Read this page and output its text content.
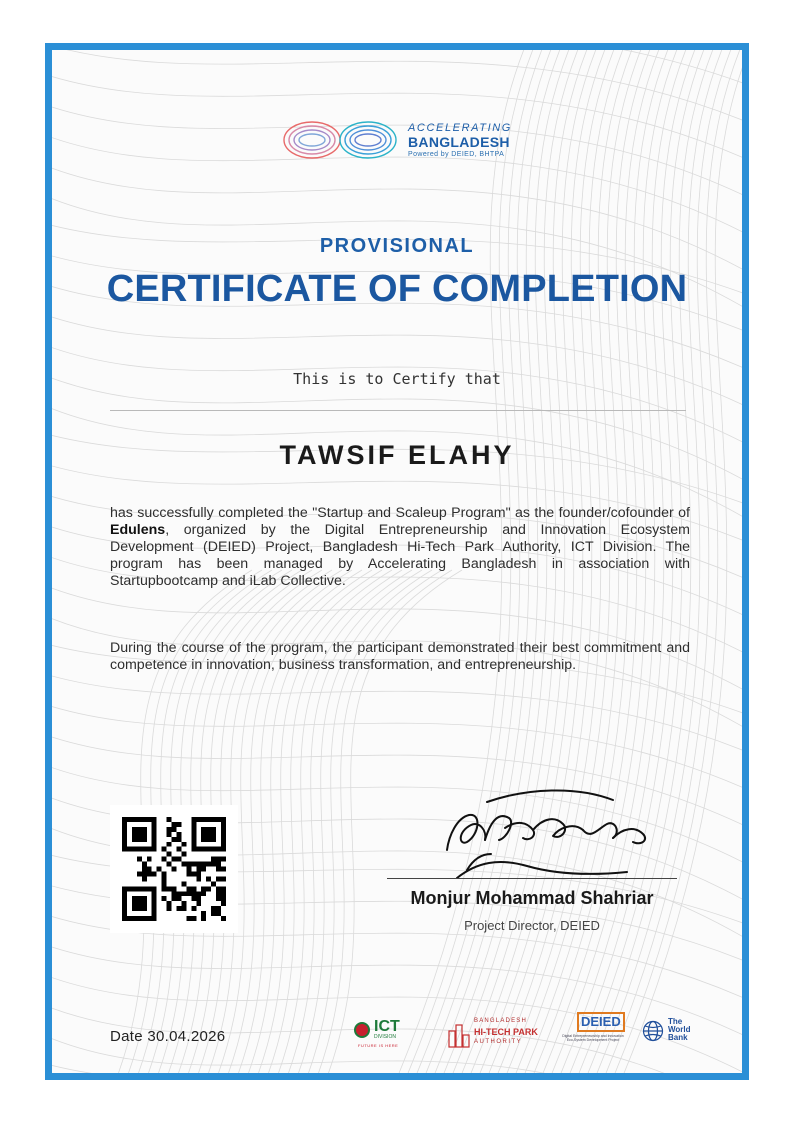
ACCELERATING
BANGLADESH
Powered by DEIED, BHTPA
PROVISIONAL
CERTIFICATE OF COMPLETION
This is to Certify that
TAWSIF ELAHY
has successfully completed the "Startup and Scaleup Program" as the founder/cofounder of Edulens, organized by the Digital Entrepreneurship and Innovation Ecosystem Development (DEIED) Project, Bangladesh Hi-Tech Park Authority, ICT Division. The program has been managed by Accelerating Bangladesh in association with Startupbootcamp and iLab Collective.
During the course of the program, the participant demonstrated their best commitment and competence in innovation, business transformation, and entrepreneurship.
Monjur Mohammad Shahriar
Project Director, DEIED
Date 30.04.2026
ICT
DIVISION
FUTURE IS HERE
BANGLADESH
HI-TECH PARK
AUTHORITY
DEIED
Digital Entrepreneurship and Innovation Eco-System Development Project
The
World
Bank
